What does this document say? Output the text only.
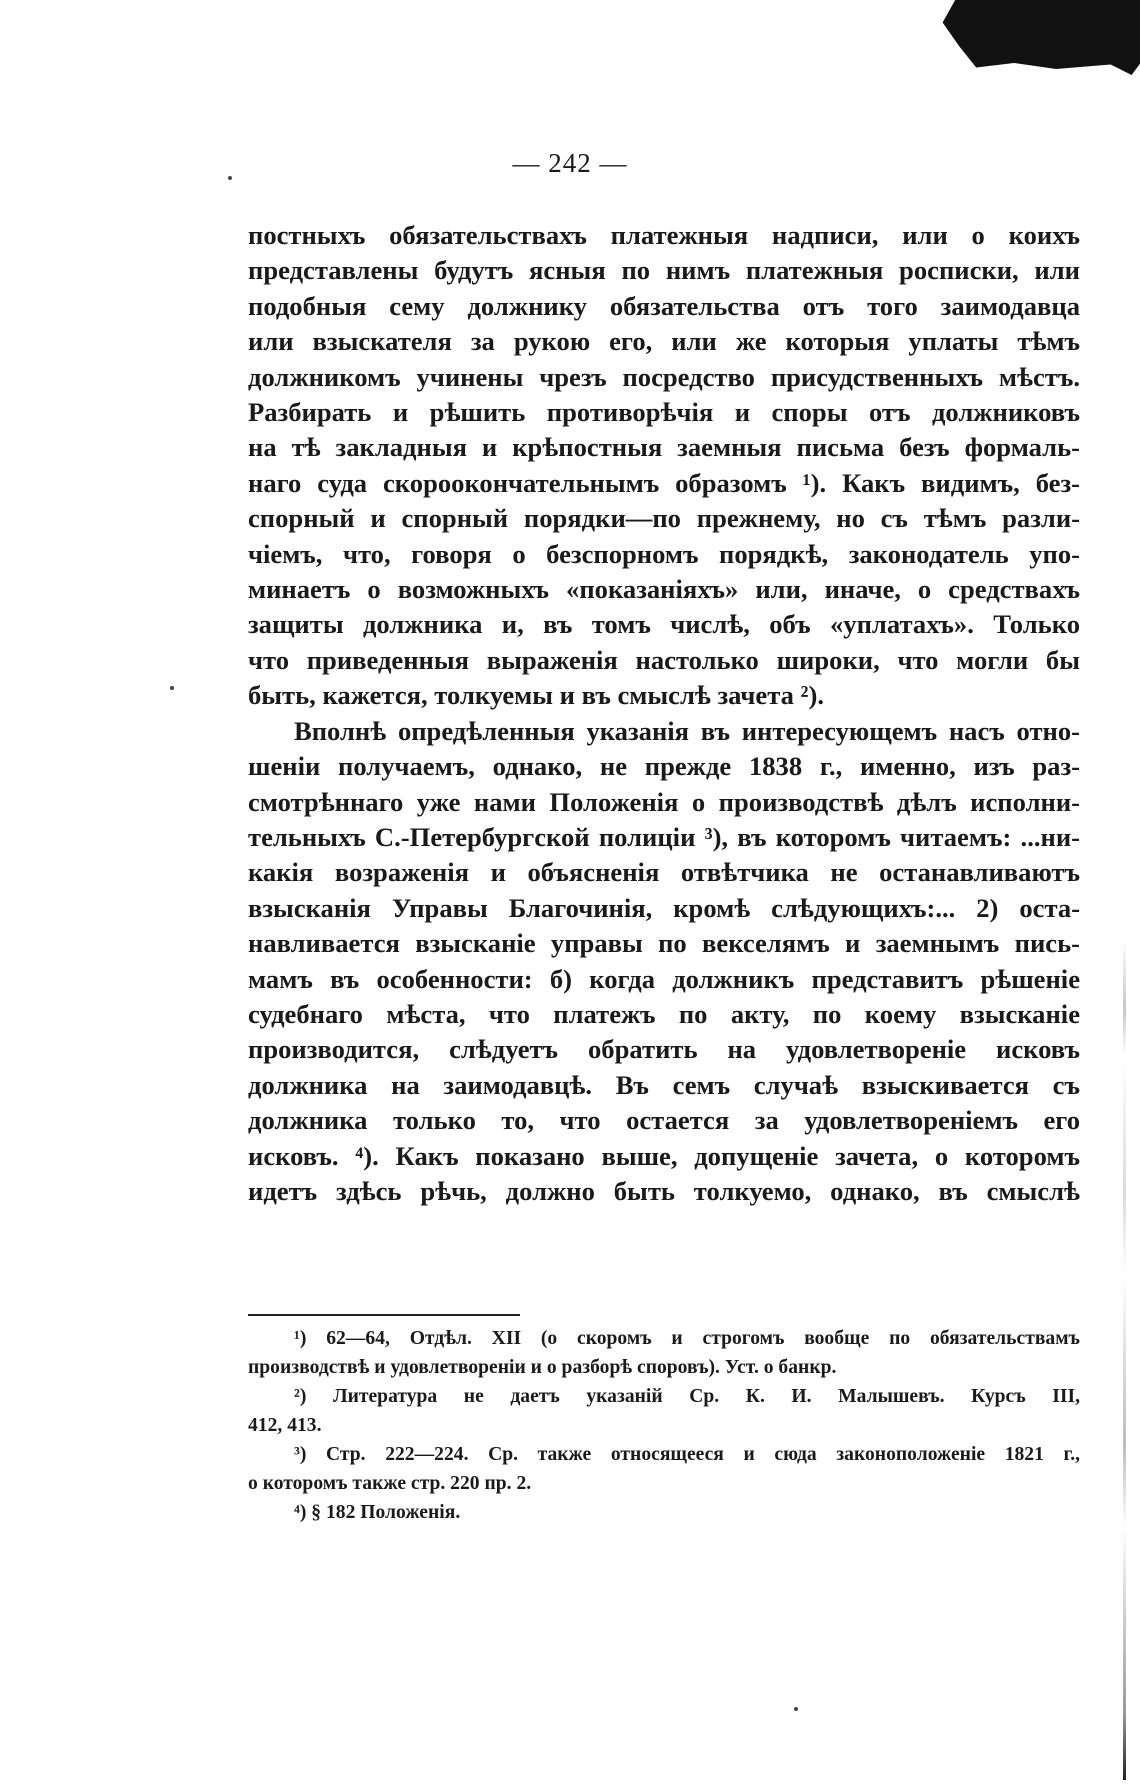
— 242 —

постныхъ обязательствахъ платежныя надписи, или о коихъ

представлены будутъ ясныя по нимъ платежныя росписки, или

подобныя сему должнику обязательства отъ того заимодавца

или взыскателя за рукою его, или же которыя уплаты тѣмъ

должникомъ учинены чрезъ посредство присудственныхъ мѣстъ.

Разбирать и рѣшить противорѣчія и споры отъ должниковъ

на тѣ закладныя и крѣпостныя заемныя письма безъ формаль-

наго суда скороокончательнымъ образомъ ¹). Какъ видимъ, без-

спорный и спорный порядки—по прежнему, но съ тѣмъ разли-

чіемъ, что, говоря о безспорномъ порядкѣ, законодатель упо-

минаетъ о возможныхъ «показаніяхъ» или, иначе, о средствахъ

защиты должника и, въ томъ числѣ, объ «уплатахъ». Только

что приведенныя выраженія настолько широки, что могли бы

быть, кажется, толкуемы и въ смыслѣ зачета ²).

Вполнѣ опредѣленныя указанія въ интересующемъ насъ отно-

шеніи получаемъ, однако, не прежде 1838 г., именно, изъ раз-

смотрѣннаго уже нами Положенія о производствѣ дѣлъ исполни-

тельныхъ С.-Петербургской полиціи ³), въ которомъ читаемъ: ...ни-

какія возраженія и объясненія отвѣтчика не останавливаютъ

взысканія Управы Благочинія, кромѣ слѣдующихъ:... 2) оста-

навливается взысканіе управы по векселямъ и заемнымъ пись-

мамъ въ особенности: б) когда должникъ представитъ рѣшеніе

судебнаго мѣста, что платежъ по акту, по коему взысканіе

производится, слѣдуетъ обратить на удовлетвореніе исковъ

должника на заимодавцѣ. Въ семъ случаѣ взыскивается съ

должника только то, что остается за удовлетвореніемъ его

исковъ. ⁴). Какъ показано выше, допущеніе зачета, о которомъ

идетъ здѣсь рѣчь, должно быть толкуемо, однако, въ смыслѣ

¹) 62—64, Отдѣл. XII (о скоромъ и строгомъ вообще по обязательствамъ

производствѣ и удовлетвореніи и о разборѣ споровъ). Уст. о банкр.

²) Литература не даетъ указаній Ср. К. И. Малышевъ. Курсъ III,

412, 413.

³) Стр. 222—224. Ср. также относящееся и сюда законоположеніе 1821 г.,

о которомъ также стр. 220 пр. 2.

⁴) § 182 Положенія.
